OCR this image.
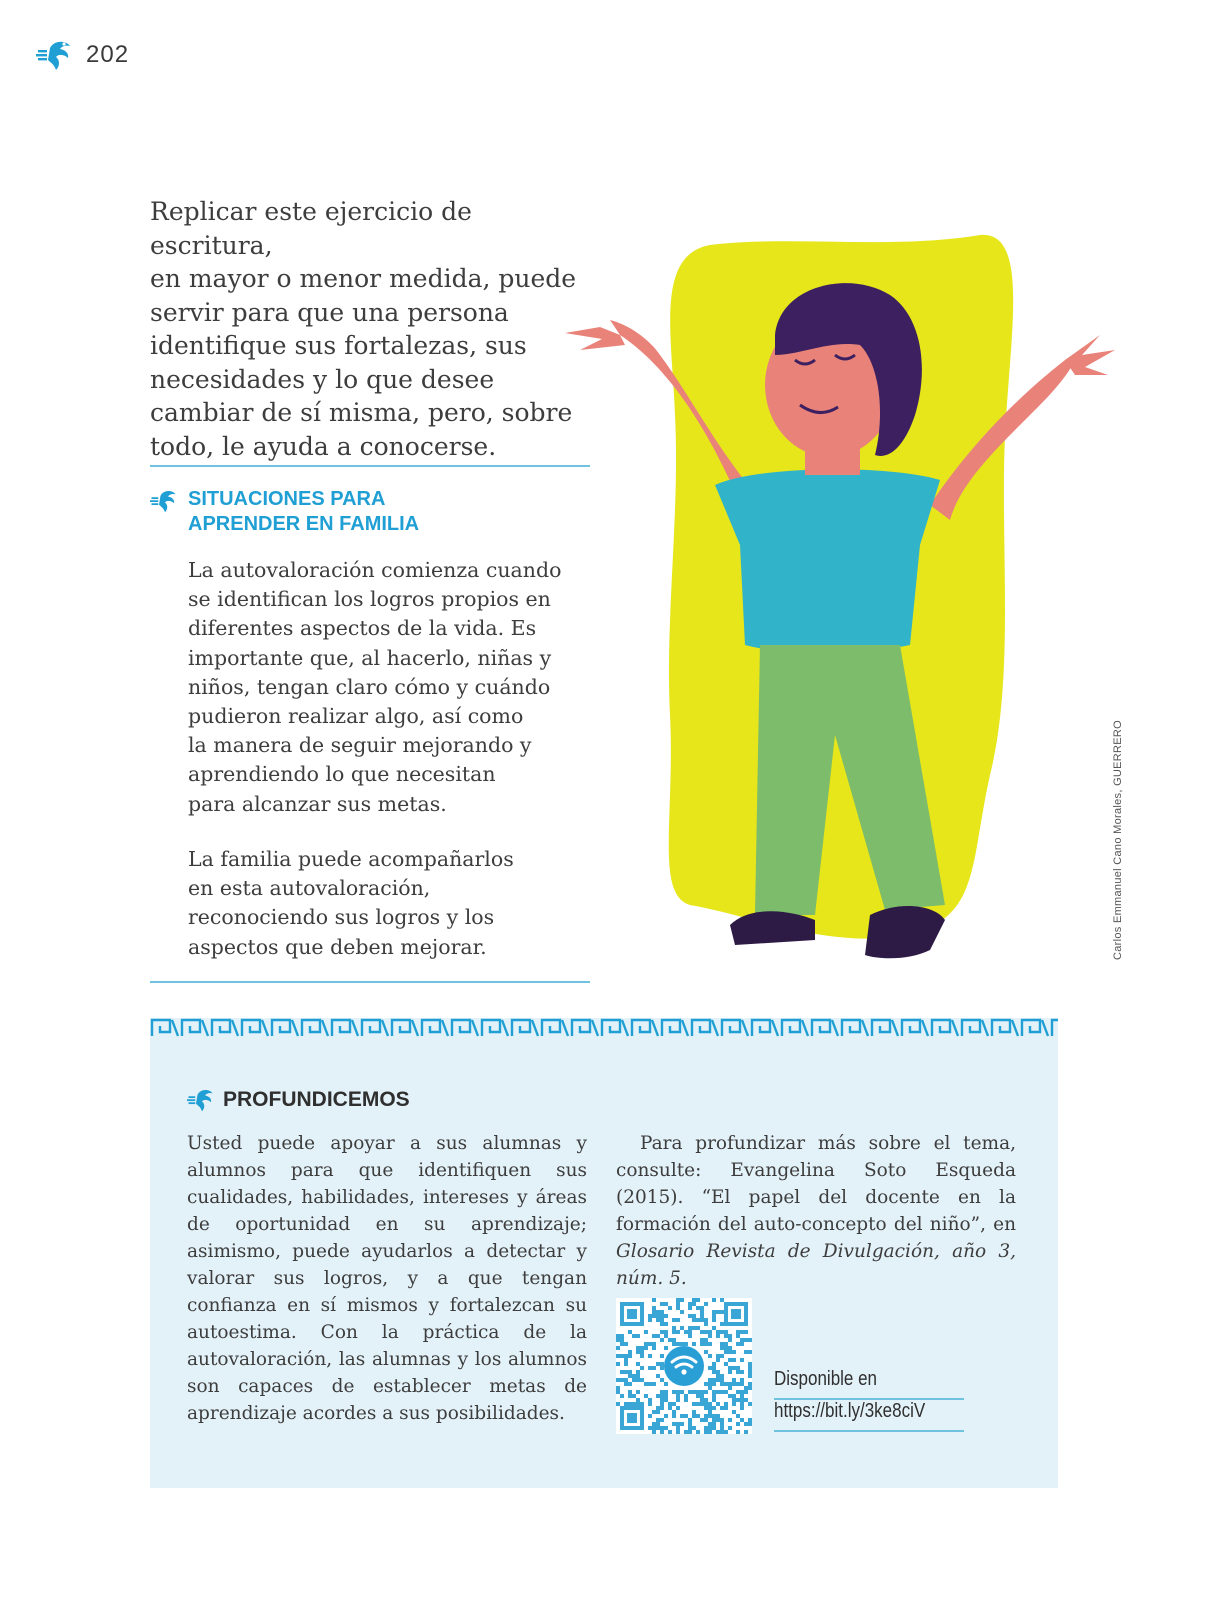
202

Replicar este ejercicio de escritura,
en mayor o menor medida, puede
servir para que una persona
identifique sus fortalezas, sus
necesidades y lo que desee
cambiar de sí misma, pero, sobre
todo, le ayuda a conocerse.

SITUACIONES PARA
APRENDER EN FAMILIA

La autovaloración comienza cuando
se identifican los logros propios en
diferentes aspectos de la vida. Es
importante que, al hacerlo, niñas y
niños, tengan claro cómo y cuándo
pudieron realizar algo, así como
la manera de seguir mejorando y
aprendiendo lo que necesitan
para alcanzar sus metas.

La familia puede acompañarlos
en esta autovaloración,
reconociendo sus logros y los
aspectos que deben mejorar.	Carlos Emmanuel Cano Morales, GUERRERO
PROFUNDICEMOS

Usted puede apoyar a sus alumnas y alumnos para que identifiquen sus cualidades, habilidades, intereses y áreas de oportunidad en su aprendizaje; asimismo, puede ayudarlos a detectar y valorar sus logros, y a que tengan confianza en sí mismos y fortalezcan su autoestima. Con la práctica de la autovaloración, las alumnas y los alumnos son capaces de establecer metas de aprendizaje acordes a sus posibilidades.

Para profundizar más sobre el tema, consulte: Evangelina Soto Esqueda (2015). “El papel del docente en la formación del auto-concepto del niño”, en Glosario Revista de Divulgación, año 3, núm. 5.

Disponible en
https://bit.ly/3ke8ciV
